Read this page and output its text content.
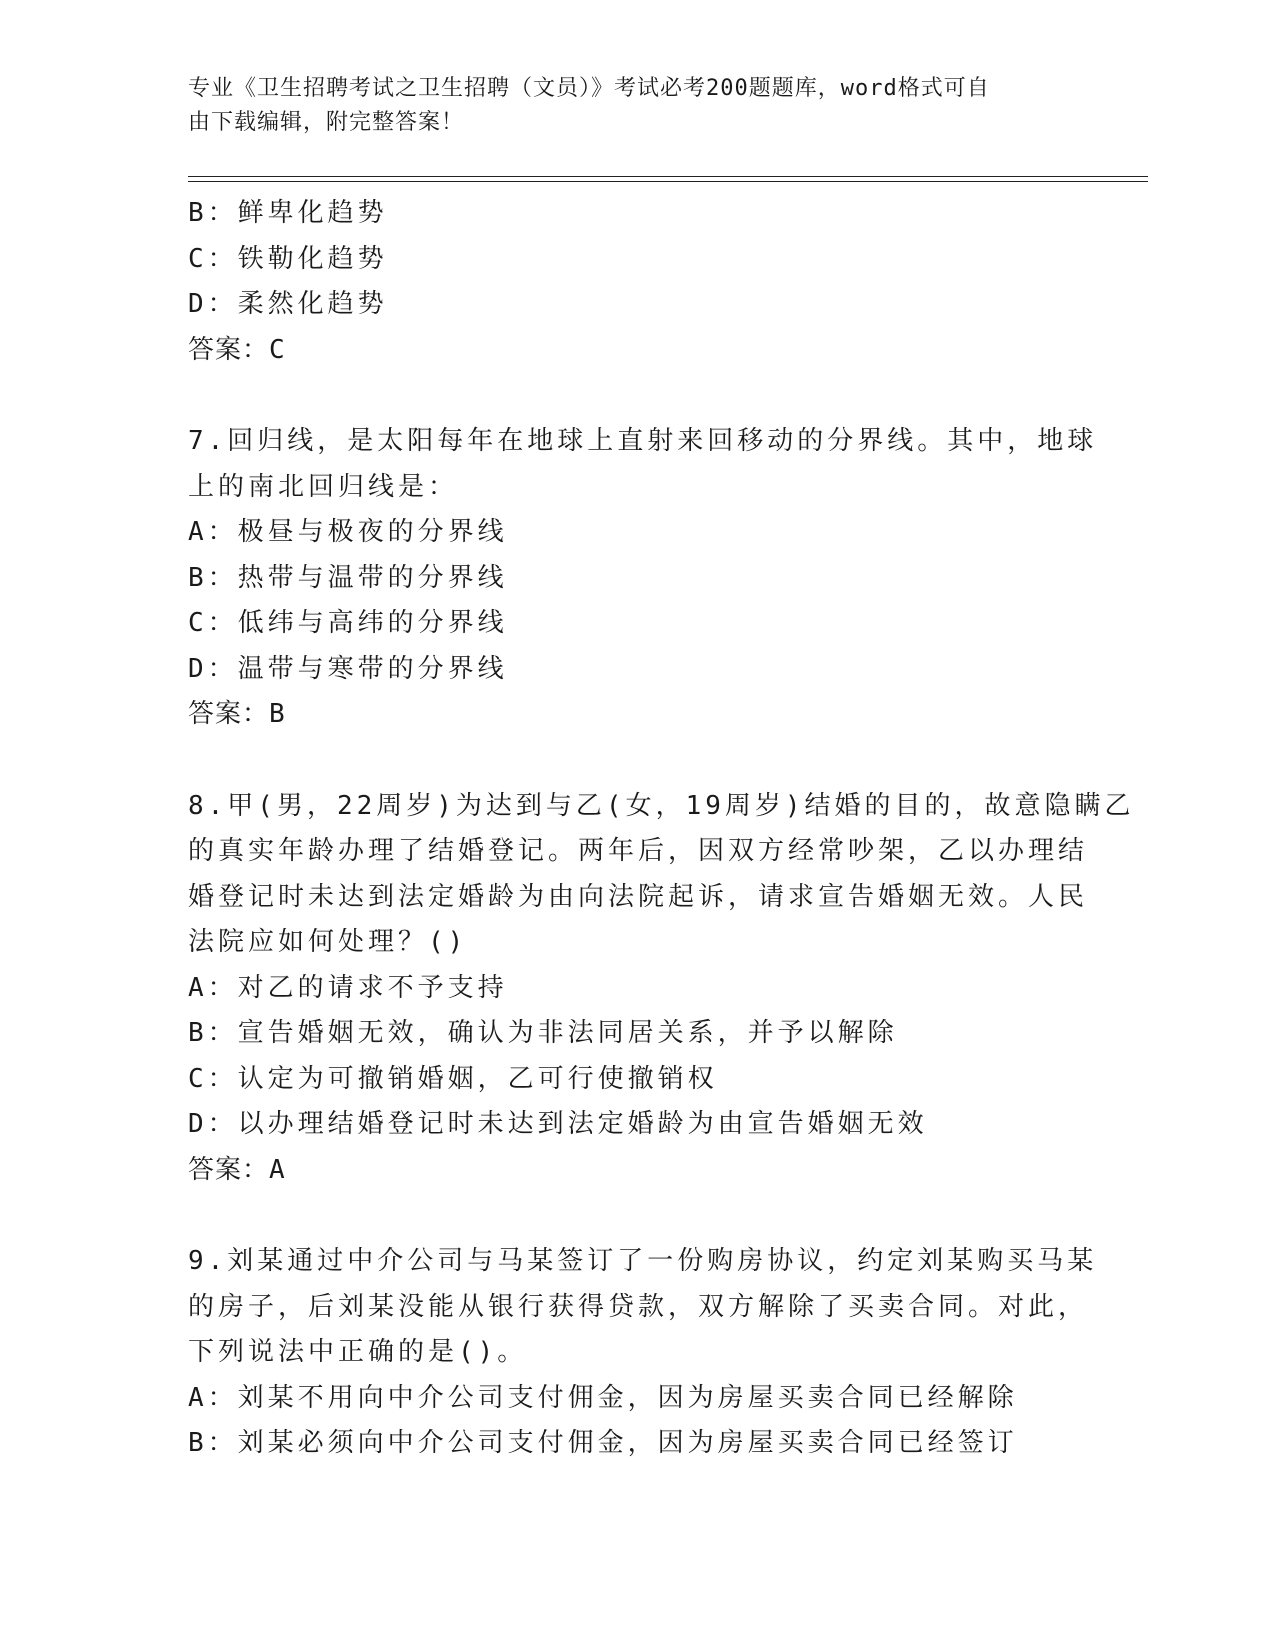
专业《卫生招聘考试之卫生招聘（文员）》考试必考200题题库，word格式可自
由下载编辑，附完整答案！
B：鲜卑化趋势
C：铁勒化趋势
D：柔然化趋势
答案：C
7.回归线，是太阳每年在地球上直射来回移动的分界线。其中，地球
上的南北回归线是：
A：极昼与极夜的分界线
B：热带与温带的分界线
C：低纬与高纬的分界线
D：温带与寒带的分界线
答案：B
8.甲(男，22周岁)为达到与乙(女，19周岁)结婚的目的，故意隐瞒乙
的真实年龄办理了结婚登记。两年后，因双方经常吵架，乙以办理结
婚登记时未达到法定婚龄为由向法院起诉，请求宣告婚姻无效。人民
法院应如何处理？()
A：对乙的请求不予支持
B：宣告婚姻无效，确认为非法同居关系，并予以解除
C：认定为可撤销婚姻，乙可行使撤销权
D：以办理结婚登记时未达到法定婚龄为由宣告婚姻无效
答案：A
9.刘某通过中介公司与马某签订了一份购房协议，约定刘某购买马某
的房子，后刘某没能从银行获得贷款，双方解除了买卖合同。对此，
下列说法中正确的是()。
A：刘某不用向中介公司支付佣金，因为房屋买卖合同已经解除
B：刘某必须向中介公司支付佣金，因为房屋买卖合同已经签订
